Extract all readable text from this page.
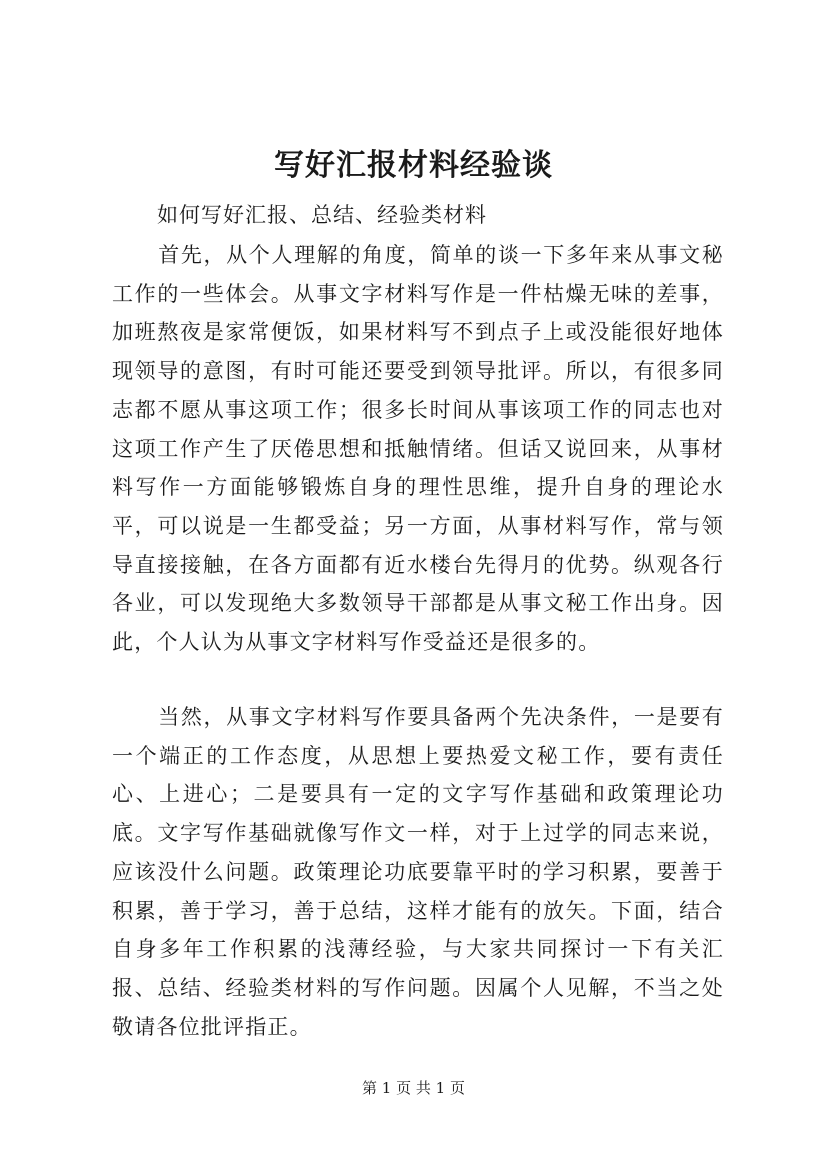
写好汇报材料经验谈
如何写好汇报、总结、经验类材料

首先，从个人理解的角度，简单的谈一下多年来从事文秘工作的一些体会。从事文字材料写作是一件枯燥无味的差事，加班熬夜是家常便饭，如果材料写不到点子上或没能很好地体现领导的意图，有时可能还要受到领导批评。所以，有很多同志都不愿从事这项工作；很多长时间从事该项工作的同志也对这项工作产生了厌倦思想和抵触情绪。但话又说回来，从事材料写作一方面能够锻炼自身的理性思维，提升自身的理论水平，可以说是一生都受益；另一方面，从事材料写作，常与领导直接接触，在各方面都有近水楼台先得月的优势。纵观各行各业，可以发现绝大多数领导干部都是从事文秘工作出身。因此，个人认为从事文字材料写作受益还是很多的。

当然，从事文字材料写作要具备两个先决条件，一是要有一个端正的工作态度，从思想上要热爱文秘工作，要有责任心、上进心；二是要具有一定的文字写作基础和政策理论功底。文字写作基础就像写作文一样，对于上过学的同志来说，应该没什么问题。政策理论功底要靠平时的学习积累，要善于积累，善于学习，善于总结，这样才能有的放矢。下面，结合自身多年工作积累的浅薄经验，与大家共同探讨一下有关汇报、总结、经验类材料的写作问题。因属个人见解，不当之处敬请各位批评指正。

第 1 页 共 1 页
